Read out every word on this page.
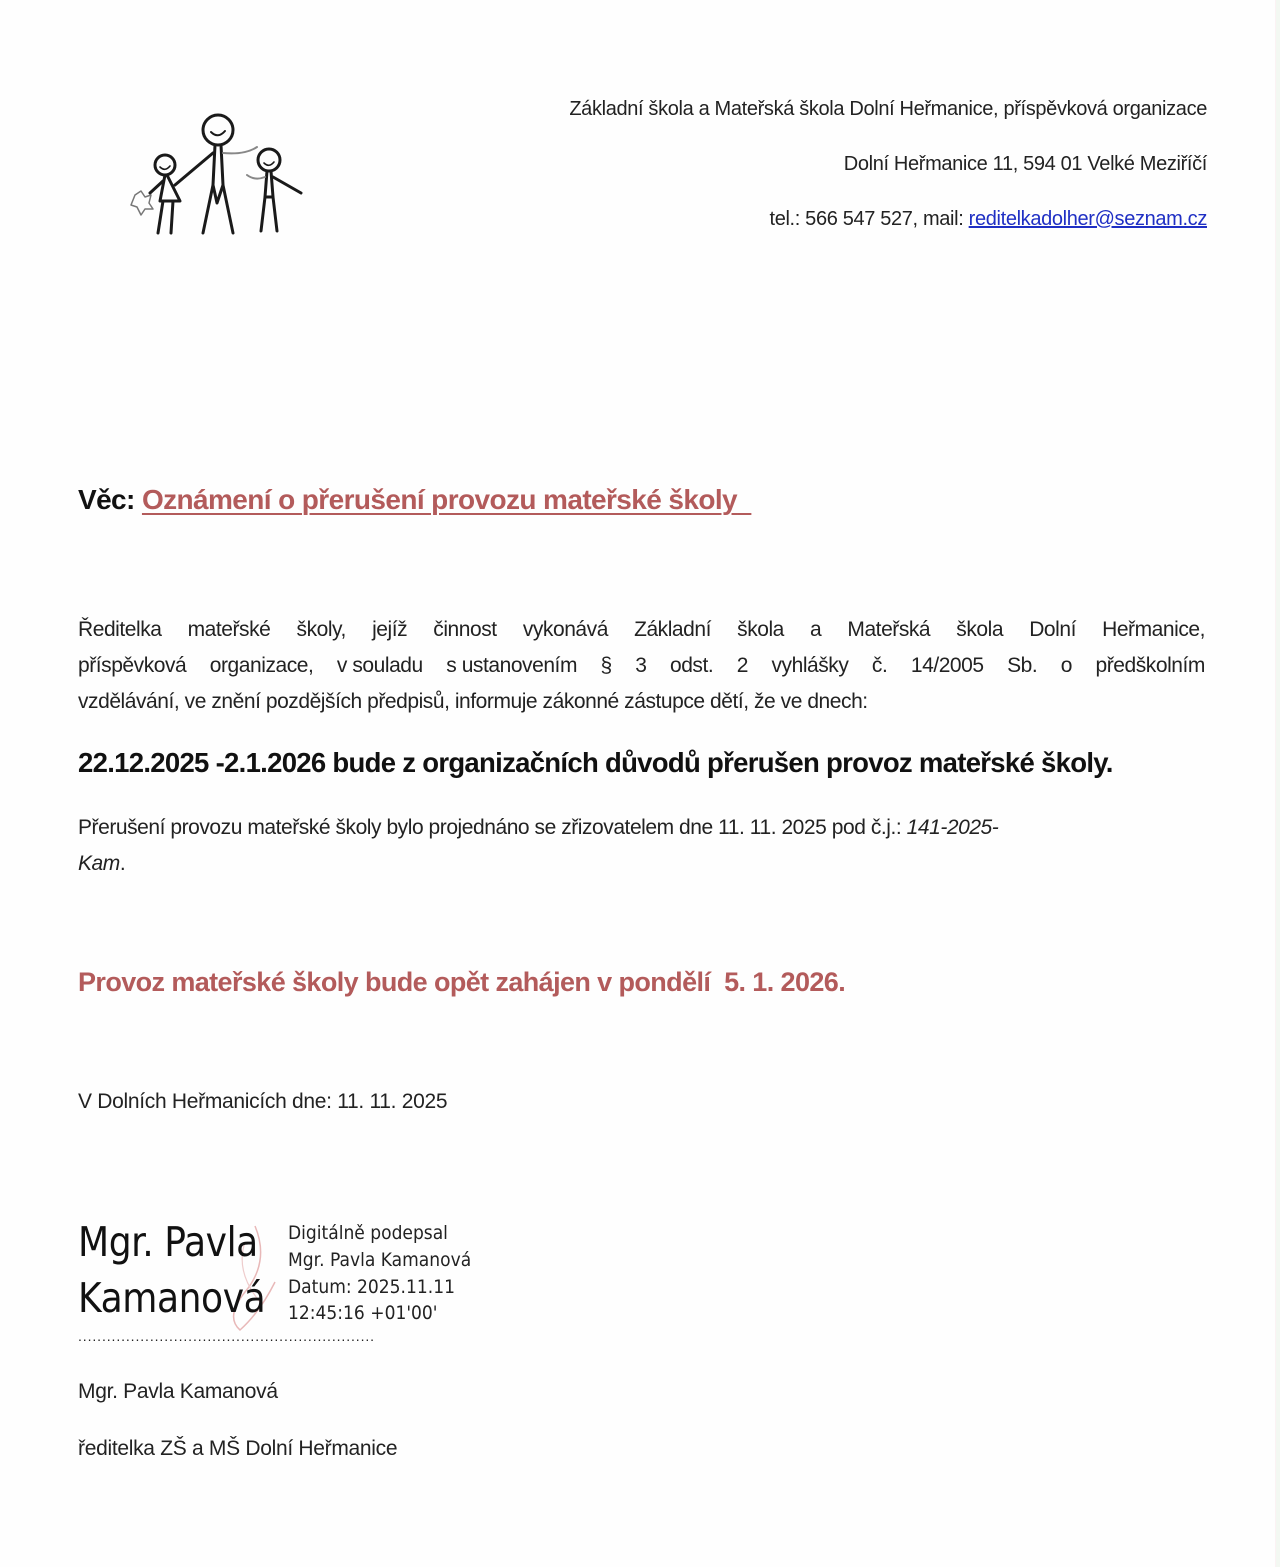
Základní škola a Mateřská škola Dolní Heřmanice, příspěvková organizace
Dolní Heřmanice 11, 594 01 Velké Meziříčí
tel.: 566 547 527, mail: reditelkadolher@seznam.cz
Věc: Oznámení o přerušení provozu mateřské školy
Ředitelka mateřské školy, jejíž činnost vykonává Základní škola a Mateřská škola Dolní Heřmanice,
příspěvková organizace, v souladu s ustanovením § 3 odst. 2 vyhlášky č. 14/2005 Sb. o předškolním
vzdělávání, ve znění pozdějších předpisů, informuje zákonné zástupce dětí, že ve dnech:
22.12.2025 -2.1.2026 bude z organizačních důvodů přerušen provoz mateřské školy.
Přerušení provozu mateřské školy bylo projednáno se zřizovatelem dne 11. 11. 2025 pod č.j.: 141-2025-
Kam.
Provoz mateřské školy bude opět zahájen v pondělí  5. 1. 2026.
V Dolních Heřmanicích dne: 11. 11. 2025
Mgr. Pavla
Kamanová
Digitálně podepsal
Mgr. Pavla Kamanová
Datum: 2025.11.11
12:45:16 +01'00'
..............................................................
Mgr. Pavla Kamanová
ředitelka ZŠ a MŠ Dolní Heřmanice
